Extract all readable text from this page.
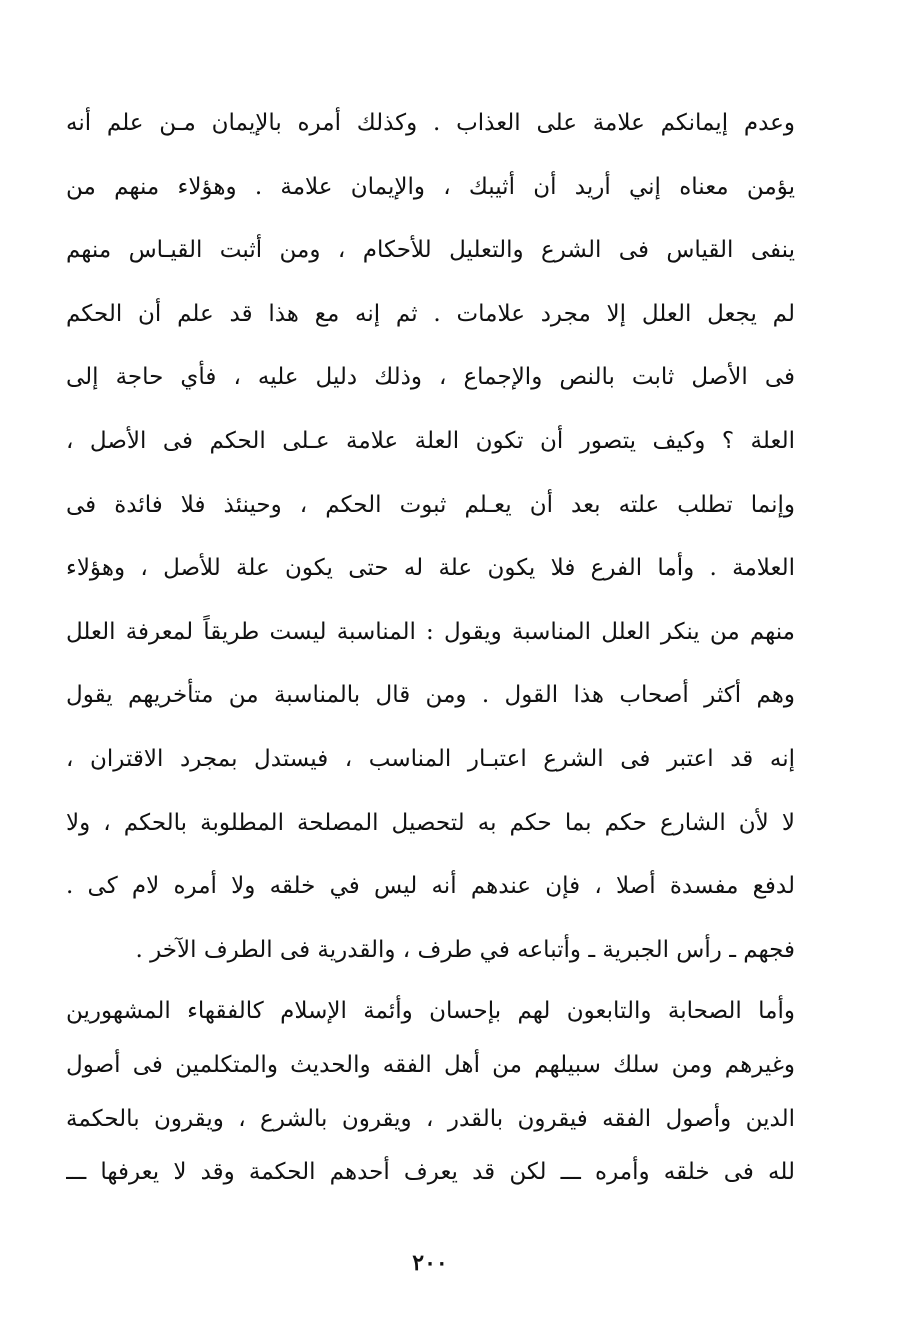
وعدم إيمانكم علامة على العذاب . وكذلك أمره بالإيمان مـن علم أنه
يؤمن معناه إني أريد أن أثيبك ، والإيمان علامة . وهؤلاء منهم من
ينفى القياس فى الشرع والتعليل للأحكام ، ومن أثبت القيـاس منهم
لم يجعل العلل إلا مجرد علامات . ثم إنه مع هذا قد علم أن الحكم
فى الأصل ثابت بالنص والإجماع ، وذلك دليل عليه ، فأي حاجة إلى
العلة ؟ وكيف يتصور أن تكون العلة علامة عـلى الحكم فى الأصل ،
وإنما تطلب علته بعد أن يعـلم ثبوت الحكم ، وحينئذ فلا فائدة فى
العلامة . وأما الفرع فلا يكون علة له حتى يكون علة للأصل ، وهؤلاء
منهم من ينكر العلل المناسبة ويقول : المناسبة ليست طريقاً لمعرفة العلل
وهم أكثر أصحاب هذا القول . ومن قال بالمناسبة من متأخريهم يقول
إنه قد اعتبر فى الشرع اعتبـار المناسب ، فيستدل بمجرد الاقتران ،
لا لأن الشارع حكم بما حكم به لتحصيل المصلحة المطلوبة بالحكم ، ولا
لدفع مفسدة أصلا ، فإن عندهم أنه ليس في خلقه ولا أمره لام كى .
فجهم ـ رأس الجبرية ـ وأتباعه في طرف ، والقدرية فى الطرف الآخر .
وأما الصحابة والتابعون لهم بإحسان وأئمة الإسلام كالفقهاء المشهورين
وغيرهم ومن سلك سبيلهم من أهل الفقه والحديث والمتكلمين فى أصول
الدين وأصول الفقه فيقرون بالقدر ، ويقرون بالشرع ، ويقرون بالحكمة
لله فى خلقه وأمره ـــ لكن قد يعرف أحدهم الحكمة وقد لا يعرفها ـــ
٢٠٠
